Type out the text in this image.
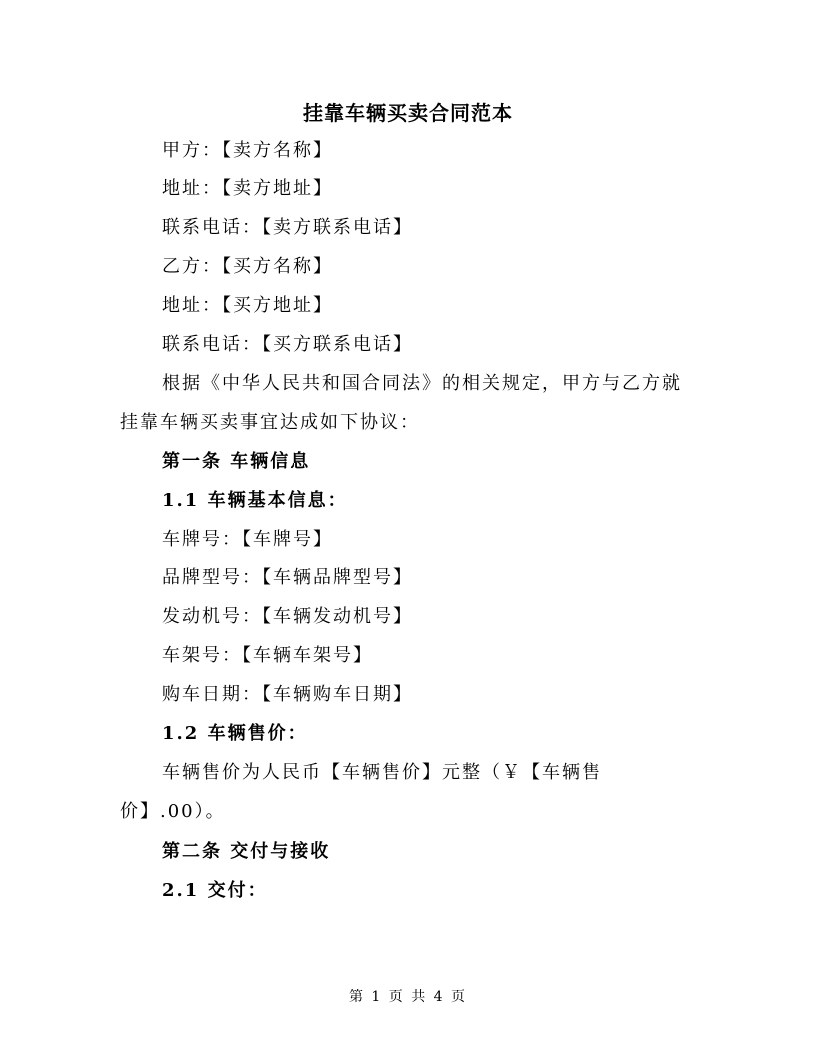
挂靠车辆买卖合同范本
甲方：【卖方名称】
地址：【卖方地址】
联系电话：【卖方联系电话】
乙方：【买方名称】
地址：【买方地址】
联系电话：【买方联系电话】
根据《中华人民共和国合同法》的相关规定，甲方与乙方就
挂靠车辆买卖事宜达成如下协议：
第一条 车辆信息
1.1 车辆基本信息：
车牌号：【车牌号】
品牌型号：【车辆品牌型号】
发动机号：【车辆发动机号】
车架号：【车辆车架号】
购车日期：【车辆购车日期】
1.2 车辆售价：
车辆售价为人民币【车辆售价】元整（￥【车辆售
价】.00）。
第二条 交付与接收
2.1 交付：
第 1 页 共 4 页
